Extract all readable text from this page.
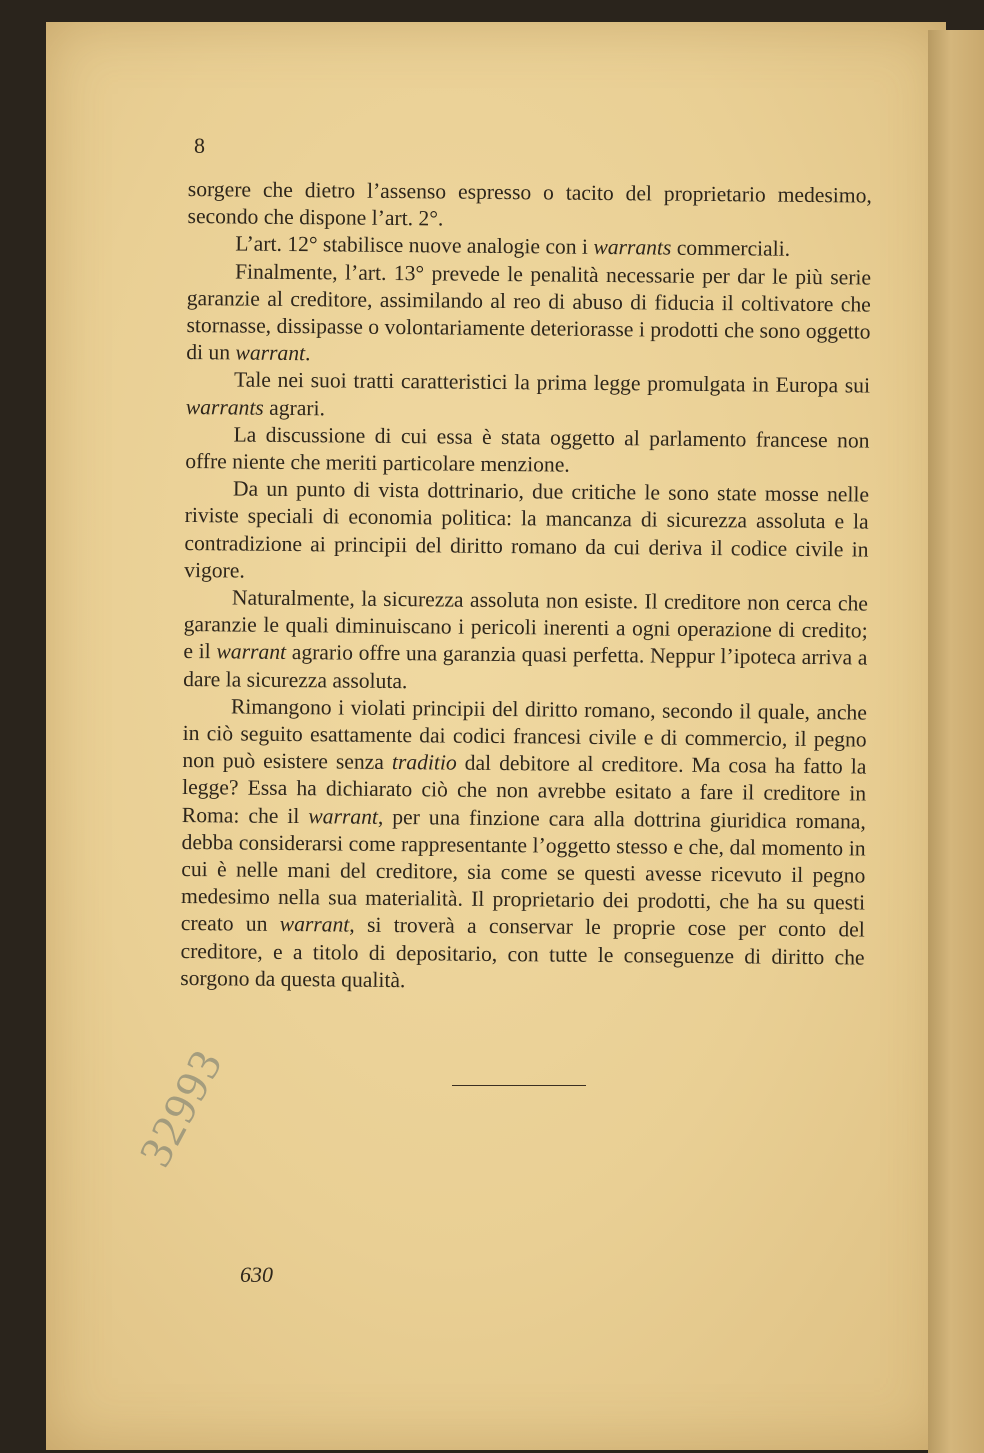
8

sorgere che dietro l’assenso espresso o tacito del proprietario medesimo, secondo che dispone l’art. 2°.

L’art. 12° stabilisce nuove analogie con i warrants commerciali.

Finalmente, l’art. 13° prevede le penalità necessarie per dar le più serie garanzie al creditore, assimilando al reo di abuso di fiducia il coltivatore che stornasse, dissipasse o volontariamente deteriorasse i prodotti che sono oggetto di un warrant.

Tale nei suoi tratti caratteristici la prima legge promulgata in Europa sui warrants agrari.

La discussione di cui essa è stata oggetto al parlamento francese non offre niente che meriti particolare menzione.

Da un punto di vista dottrinario, due critiche le sono state mosse nelle riviste speciali di economia politica: la mancanza di sicurezza assoluta e la contradizione ai principii del diritto romano da cui deriva il codice civile in vigore.

Naturalmente, la sicurezza assoluta non esiste. Il creditore non cerca che garanzie le quali diminuiscano i pericoli inerenti a ogni operazione di credito; e il warrant agrario offre una garanzia quasi perfetta. Neppur l’ipoteca arriva a dare la sicurezza assoluta.

Rimangono i violati principii del diritto romano, secondo il quale, anche in ciò seguito esattamente dai codici francesi civile e di commercio, il pegno non può esistere senza traditio dal debitore al creditore. Ma cosa ha fatto la legge? Essa ha dichiarato ciò che non avrebbe esitato a fare il creditore in Roma: che il warrant, per una finzione cara alla dottrina giuridica romana, debba considerarsi come rappresentante l’oggetto stesso e che, dal momento in cui è nelle mani del creditore, sia come se questi avesse ricevuto il pegno medesimo nella sua materialità. Il proprietario dei prodotti, che ha su questi creato un warrant, si troverà a conservar le proprie cose per conto del creditore, e a titolo di depositario, con tutte le conseguenze di diritto che sorgono da questa qualità.

32993
630
